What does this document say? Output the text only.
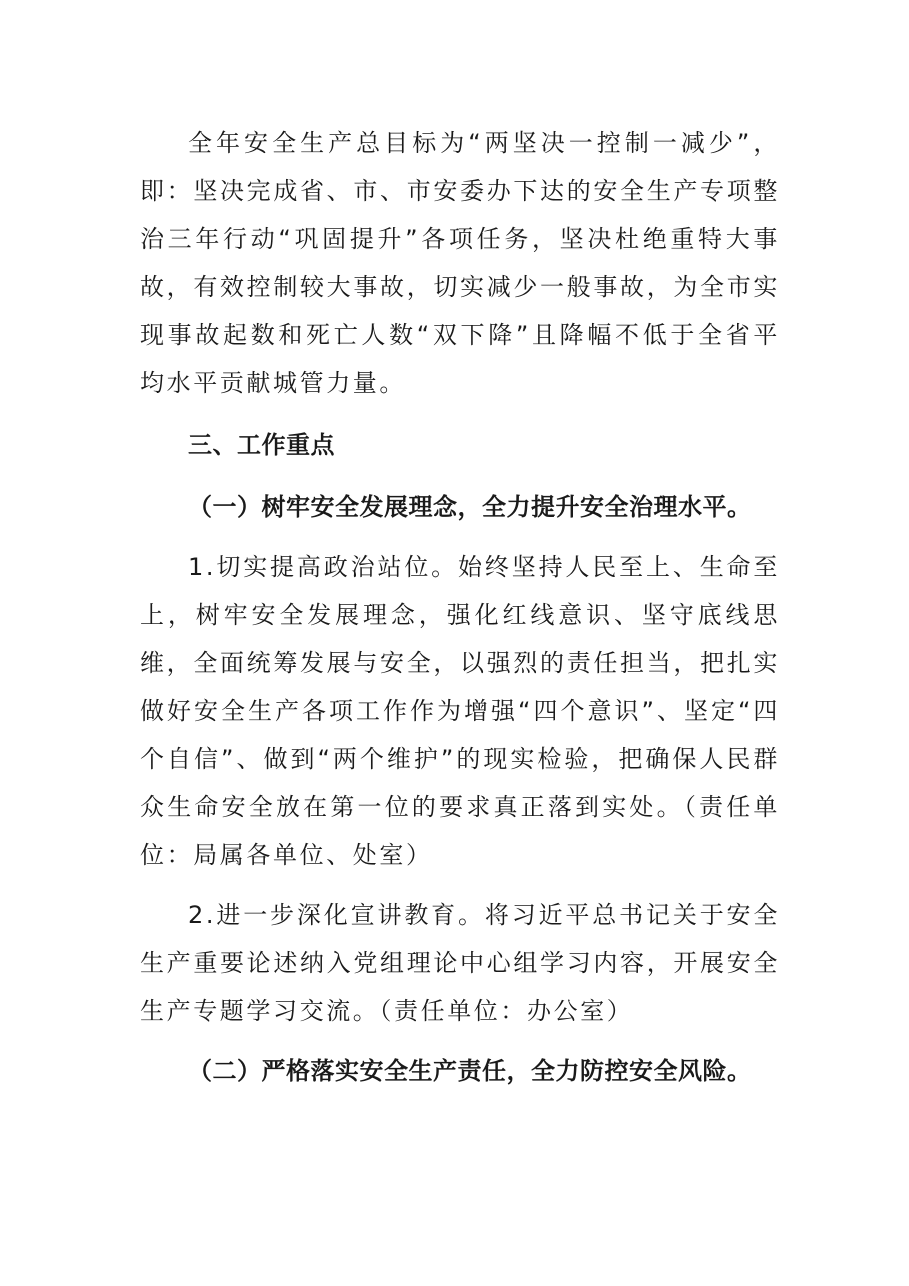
全年安全生产总目标为“两坚决一控制一减少”，即：坚决完成省、市、市安委办下达的安全生产专项整治三年行动“巩固提升”各项任务，坚决杜绝重特大事故，有效控制较大事故，切实减少一般事故，为全市实现事故起数和死亡人数“双下降”且降幅不低于全省平均水平贡献城管力量。

三、工作重点

（一）树牢安全发展理念，全力提升安全治理水平。

1.切实提高政治站位。始终坚持人民至上、生命至上，树牢安全发展理念，强化红线意识、坚守底线思维，全面统筹发展与安全，以强烈的责任担当，把扎实做好安全生产各项工作作为增强“四个意识”、坚定“四个自信”、做到“两个维护”的现实检验，把确保人民群众生命安全放在第一位的要求真正落到实处。（责任单位：局属各单位、处室）

2.进一步深化宣讲教育。将习近平总书记关于安全生产重要论述纳入党组理论中心组学习内容，开展安全生产专题学习交流。（责任单位：办公室）

（二）严格落实安全生产责任，全力防控安全风险。
